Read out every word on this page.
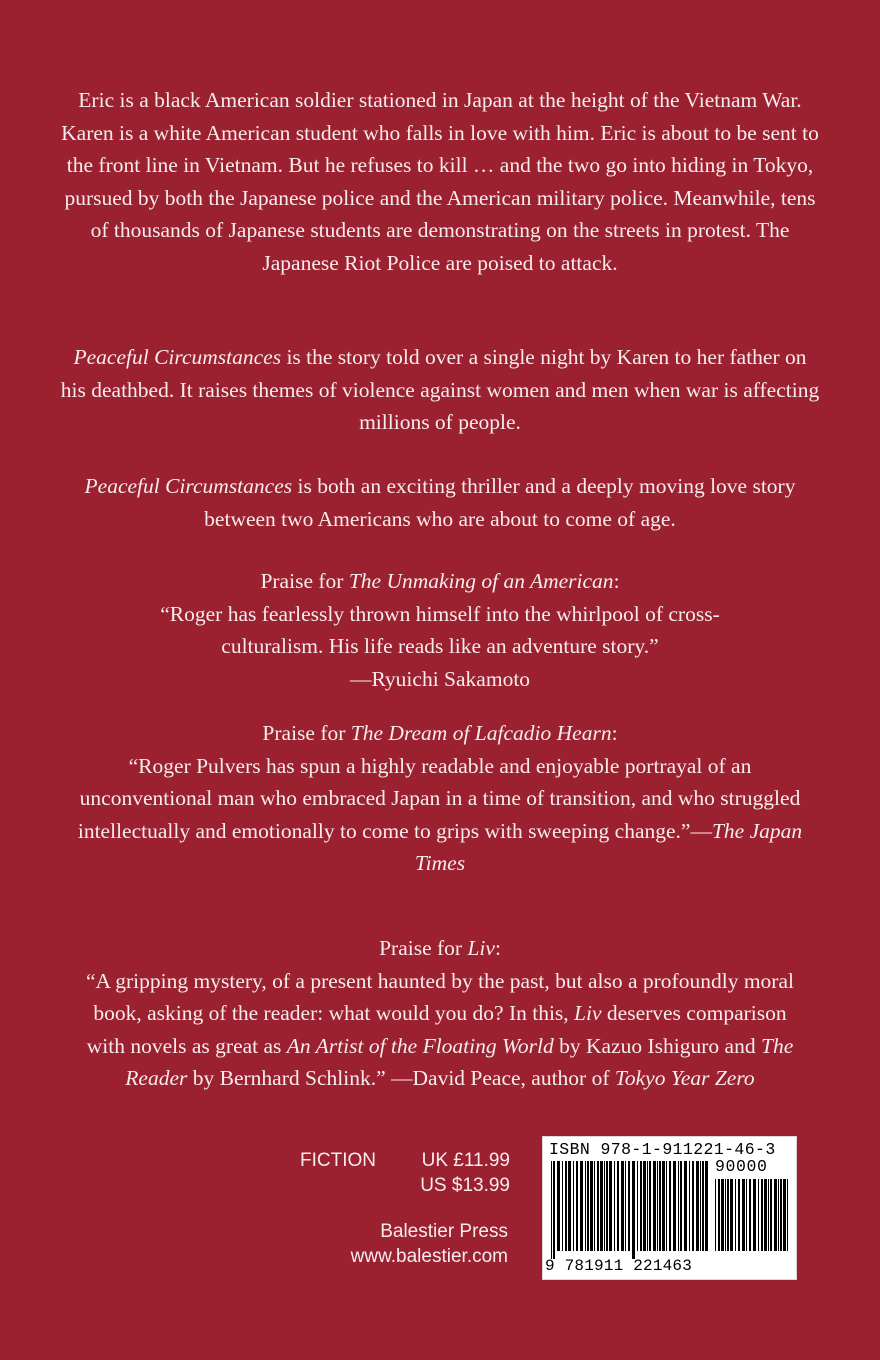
Eric is a black American soldier stationed in Japan at the height of the Vietnam War. Karen is a white American student who falls in love with him. Eric is about to be sent to the front line in Vietnam. But he refuses to kill … and the two go into hiding in Tokyo, pursued by both the Japanese police and the American military police. Meanwhile, tens of thousands of Japanese students are demonstrating on the streets in protest. The Japanese Riot Police are poised to attack.

Peaceful Circumstances is the story told over a single night by Karen to her father on his deathbed. It raises themes of violence against women and men when war is affecting millions of people.

Peaceful Circumstances is both an exciting thriller and a deeply moving love story between two Americans who are about to come of age.

Praise for The Unmaking of an American:
“Roger has fearlessly thrown himself into the whirlpool of cross-culturalism. His life reads like an adventure story.”
—Ryuichi Sakamoto
Praise for The Dream of Lafcadio Hearn:
“Roger Pulvers has spun a highly readable and enjoyable portrayal of an unconventional man who embraced Japan in a time of transition, and who struggled intellectually and emotionally to come to grips with sweeping change.”—The Japan Times
Praise for Liv:
“A gripping mystery, of a present haunted by the past, but also a profoundly moral book, asking of the reader: what would you do? In this, Liv deserves comparison with novels as great as An Artist of the Floating World by Kazuo Ishiguro and The Reader by Bernhard Schlink.” —David Peace, author of Tokyo Year Zero
FICTION UK £11.99
US $13.99
Balestier Press
www.balestier.com
ISBN 978-1-911221-46-3
90000
9 781911 221463
